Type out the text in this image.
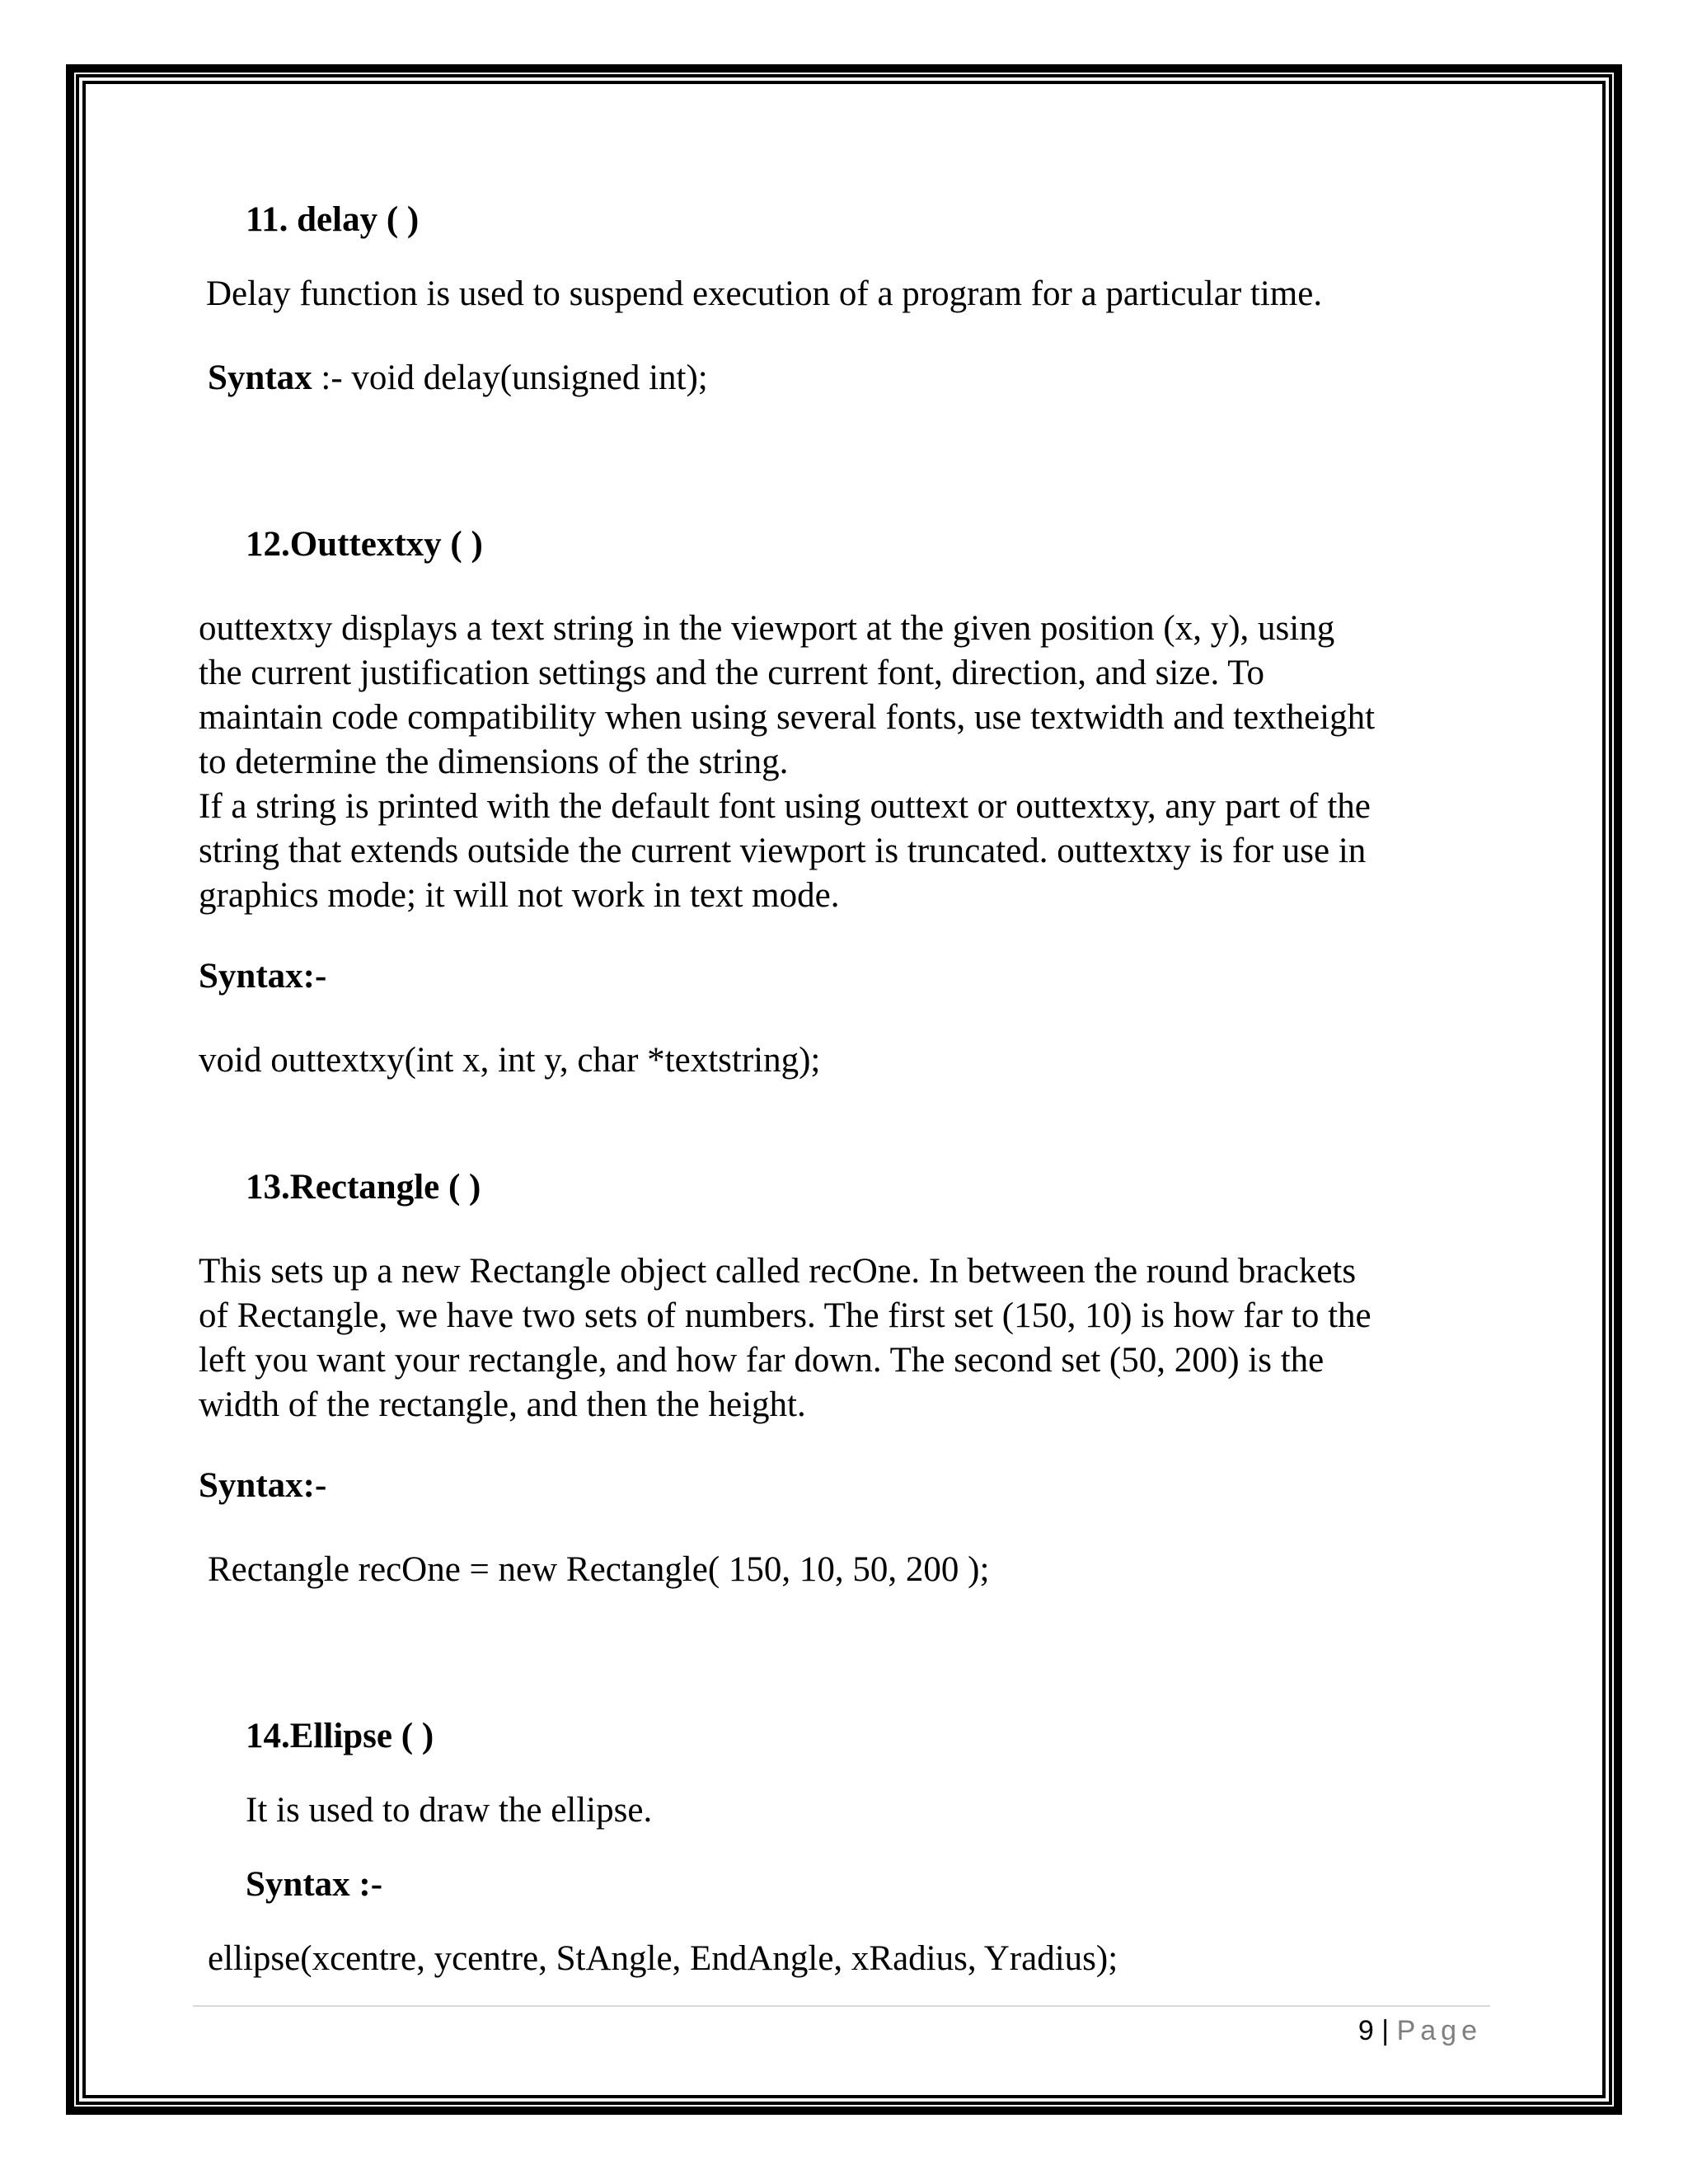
11. delay ( )
Delay function is used to suspend execution of a program for a particular time.
Syntax :- void delay(unsigned int);
12.Outtextxy ( )
outtextxy displays a text string in the viewport at the given position (x, y), using
the current justification settings and the current font, direction, and size. To
maintain code compatibility when using several fonts, use textwidth and textheight
to determine the dimensions of the string.
If a string is printed with the default font using outtext or outtextxy, any part of the
string that extends outside the current viewport is truncated. outtextxy is for use in
graphics mode; it will not work in text mode.
Syntax:-
void outtextxy(int x, int y, char *textstring);
13.Rectangle ( )
This sets up a new Rectangle object called recOne. In between the round brackets
of Rectangle, we have two sets of numbers. The first set (150, 10) is how far to the
left you want your rectangle, and how far down. The second set (50, 200) is the
width of the rectangle, and then the height.
Syntax:-
Rectangle recOne = new Rectangle( 150, 10, 50, 200 );
14.Ellipse ( )
It is used to draw the ellipse.
Syntax :-
ellipse(xcentre, ycentre, StAngle, EndAngle, xRadius, Yradius);
9 | Page
